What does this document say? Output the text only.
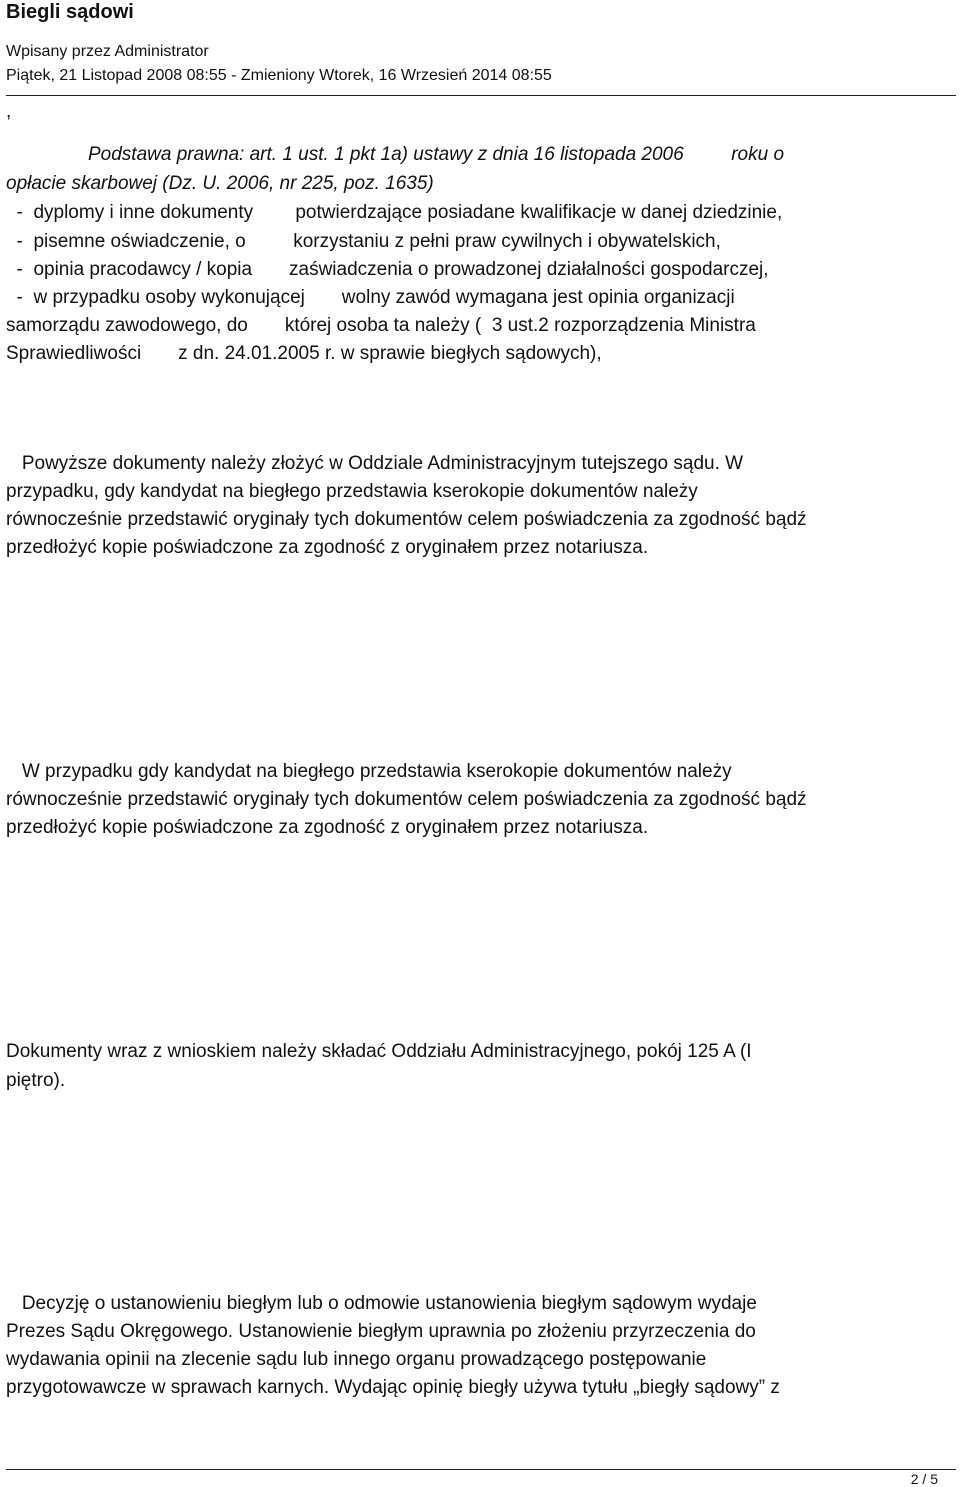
Biegli sądowi
Wpisany przez Administrator
Piątek, 21 Listopad 2008 08:55 - Zmieniony Wtorek, 16 Wrzesień 2014 08:55
,
Podstawa prawna: art. 1 ust. 1 pkt 1a) ustawy z dnia 16 listopada 2006         roku o
opłacie skarbowej (Dz. U. 2006, nr 225, poz. 1635)
-  dyplomy i inne dokumenty        potwierdzające posiadane kwalifikacje w danej dziedzinie,
-  pisemne oświadczenie, o         korzystaniu z pełni praw cywilnych i obywatelskich,
-  opinia pracodawcy / kopia       zaświadczenia o prowadzonej działalności gospodarczej,
-  w przypadku osoby wykonującej       wolny zawód wymagana jest opinia organizacji
samorządu zawodowego, do       której osoba ta należy (  3 ust.2 rozporządzenia Ministra
Sprawiedliwości       z dn. 24.01.2005 r. w sprawie biegłych sądowych),
Powyższe dokumenty należy złożyć w Oddziale Administracyjnym tutejszego sądu. W
przypadku, gdy kandydat na biegłego przedstawia kserokopie dokumentów należy
równocześnie przedstawić oryginały tych dokumentów celem poświadczenia za zgodność bądź
przedłożyć kopie poświadczone za zgodność z oryginałem przez notariusza.
W przypadku gdy kandydat na biegłego przedstawia kserokopie dokumentów należy
równocześnie przedstawić oryginały tych dokumentów celem poświadczenia za zgodność bądź
przedłożyć kopie poświadczone za zgodność z oryginałem przez notariusza.
Dokumenty wraz z wnioskiem należy składać Oddziału Administracyjnego, pokój 125 A (I
piętro).
Decyzję o ustanowieniu biegłym lub o odmowie ustanowienia biegłym sądowym wydaje
Prezes Sądu Okręgowego. Ustanowienie biegłym uprawnia po złożeniu przyrzeczenia do
wydawania opinii na zlecenie sądu lub innego organu prowadzącego postępowanie
przygotowawcze w sprawach karnych. Wydając opinię biegły używa tytułu „biegły sądowy” z
2 / 5
